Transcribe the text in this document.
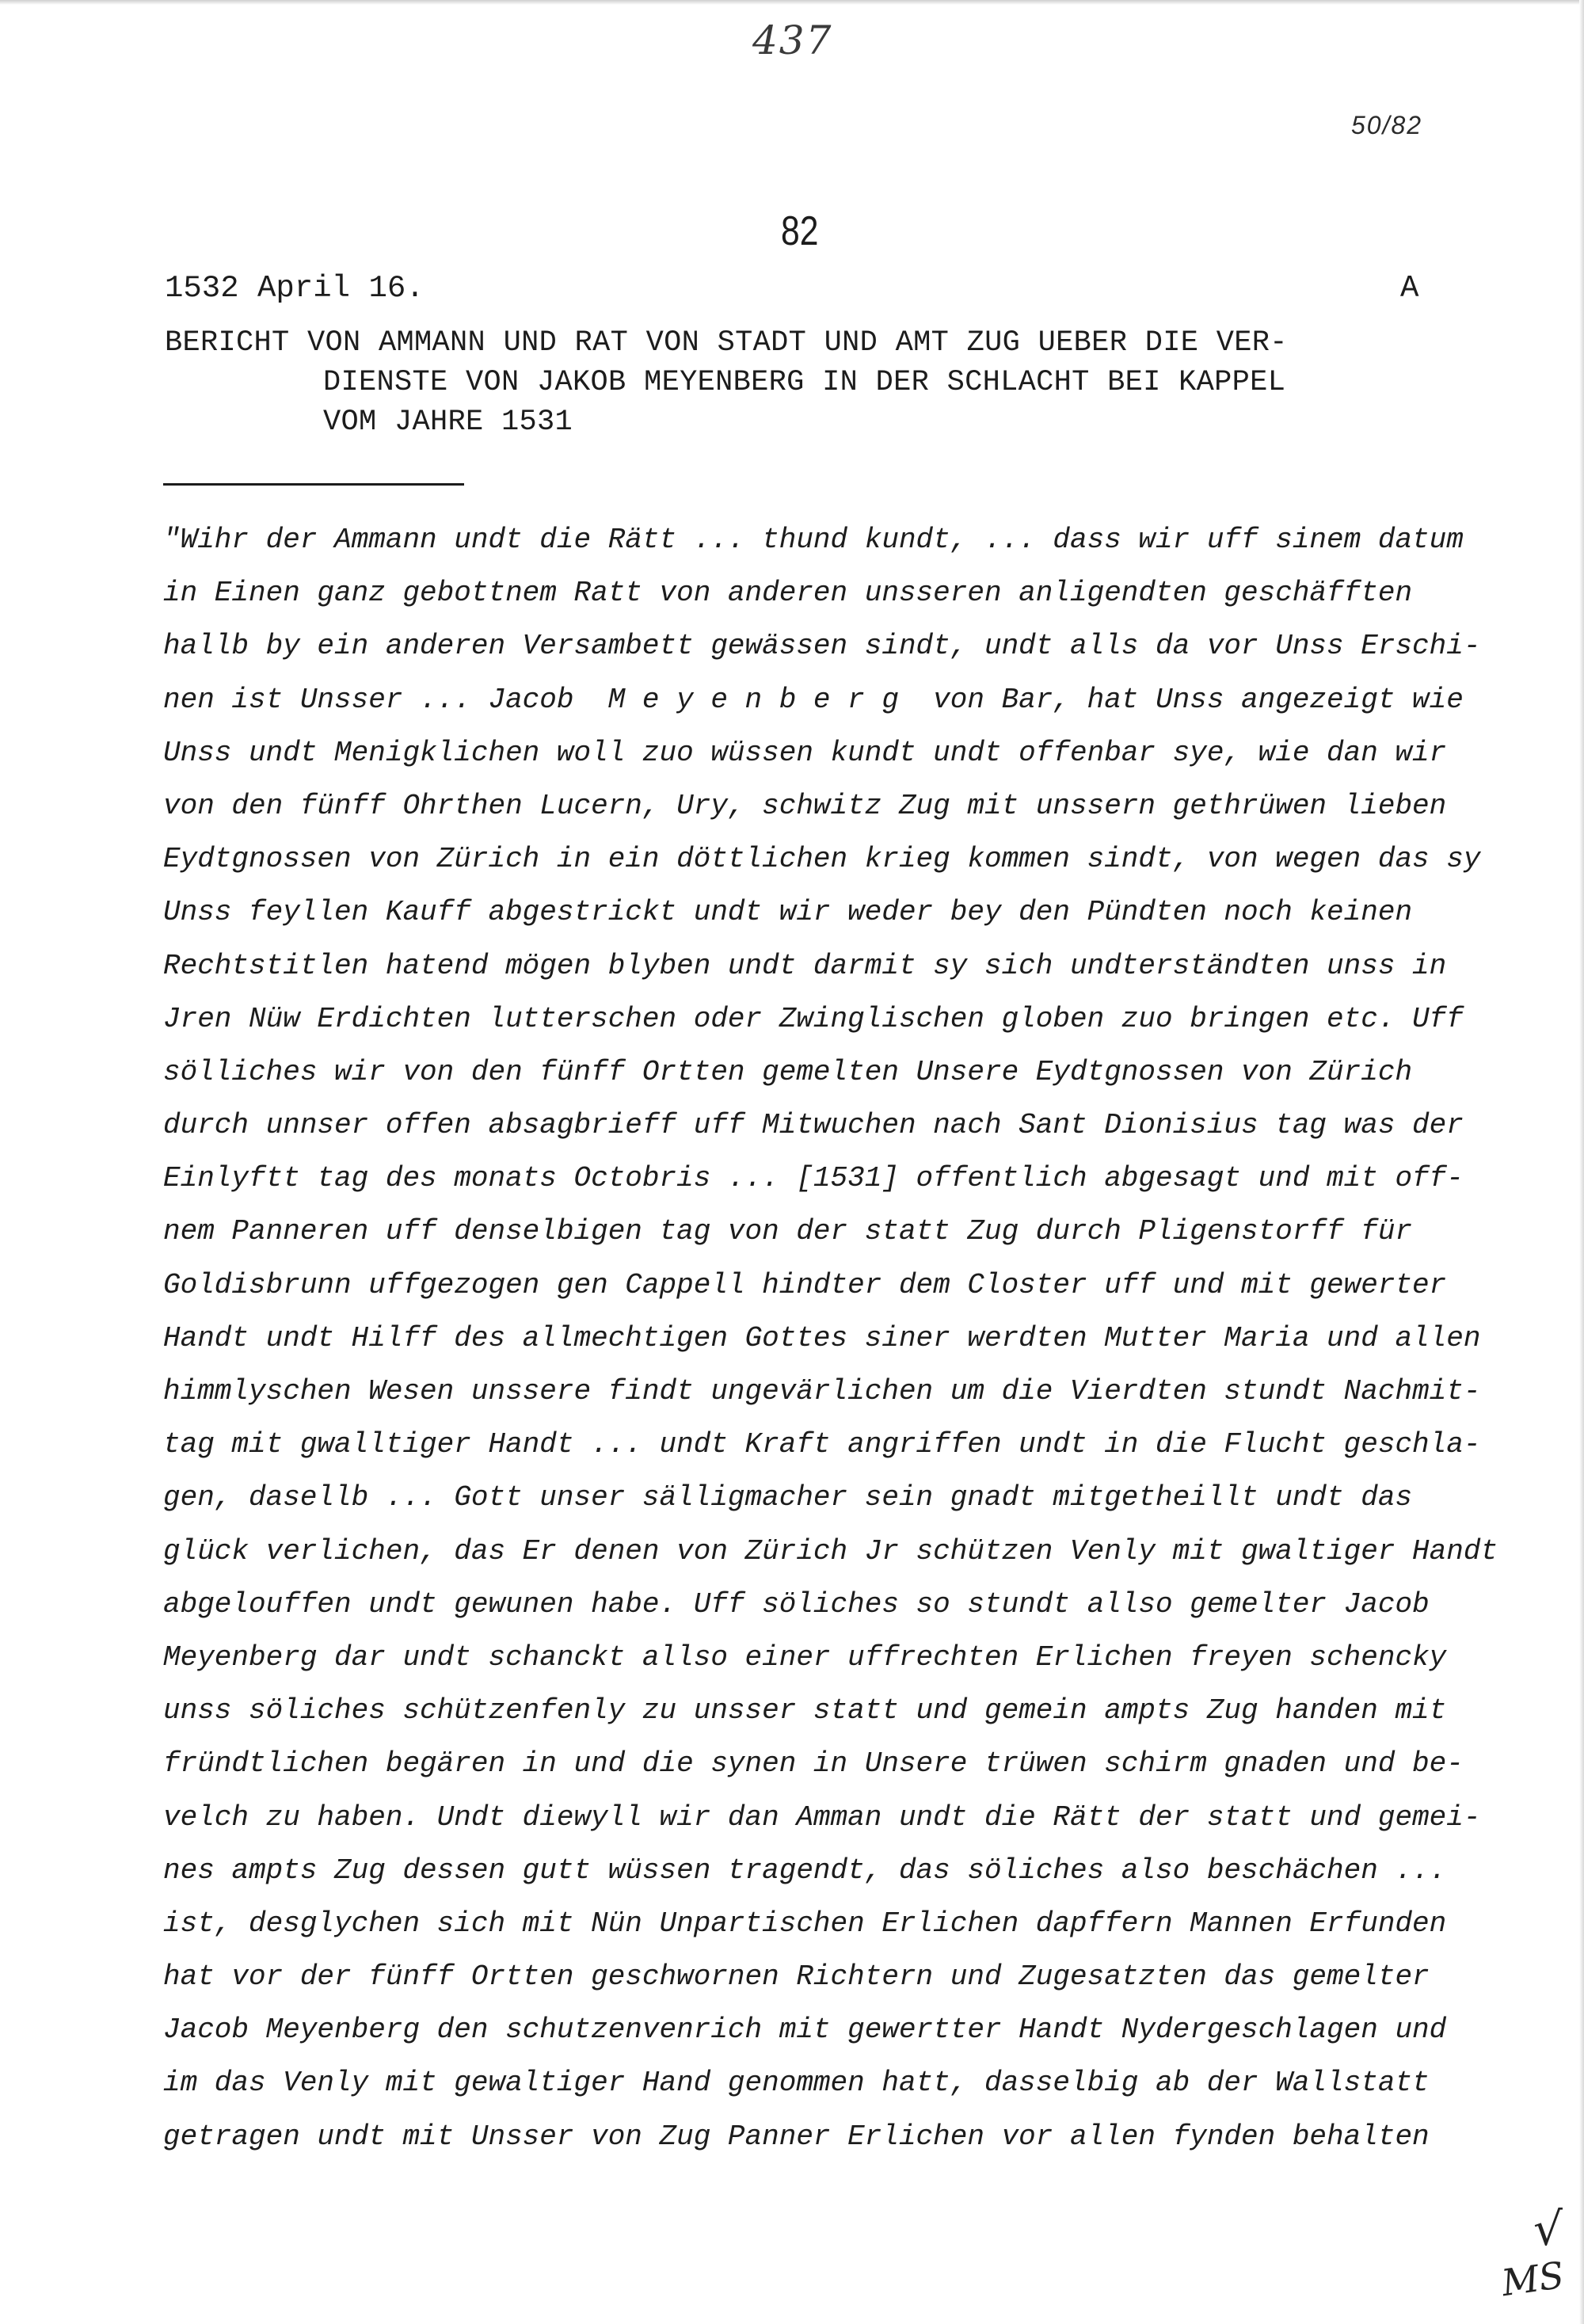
437
50/82
82
1532 April 16.	A
BERICHT VON AMMANN UND RAT VON STADT UND AMT ZUG UEBER DIE VER-
DIENSTE VON JAKOB MEYENBERG IN DER SCHLACHT BEI KAPPEL
VOM JAHRE 1531
"Wihr der Ammann undt die Rätt ... thund kundt, ... dass wir uff sinem datum
in Einen ganz gebottnem Ratt von anderen unsseren anligendten geschäfften
hallb by ein anderen Versambett gewässen sindt, undt alls da vor Unss Erschi-
nen ist Unsser ... Jacob  M e y e n b e r g  von Bar, hat Unss angezeigt wie
Unss undt Menigklichen woll zuo wüssen kundt undt offenbar sye, wie dan wir
von den fünff Ohrthen Lucern, Ury, schwitz Zug mit unssern gethrüwen lieben
Eydtgnossen von Zürich in ein döttlichen krieg kommen sindt, von wegen das sy
Unss feyllen Kauff abgestrickt undt wir weder bey den Pündten noch keinen
Rechtstitlen hatend mögen blyben undt darmit sy sich undterständten unss in
Jren Nüw Erdichten lutterschen oder Zwinglischen globen zuo bringen etc. Uff
sölliches wir von den fünff Ortten gemelten Unsere Eydtgnossen von Zürich
durch unnser offen absagbrieff uff Mitwuchen nach Sant Dionisius tag was der
Einlyftt tag des monats Octobris ... [1531] offentlich abgesagt und mit off-
nem Panneren uff denselbigen tag von der statt Zug durch Pligenstorff für
Goldisbrunn uffgezogen gen Cappell hindter dem Closter uff und mit gewerter
Handt undt Hilff des allmechtigen Gottes siner werdten Mutter Maria und allen
himmlyschen Wesen unssere findt ungevärlichen um die Vierdten stundt Nachmit-
tag mit gwalltiger Handt ... undt Kraft angriffen undt in die Flucht geschla-
gen, dasellb ... Gott unser sälligmacher sein gnadt mitgetheillt undt das
glück verlichen, das Er denen von Zürich Jr schützen Venly mit gwaltiger Handt
abgelouffen undt gewunen habe. Uff söliches so stundt allso gemelter Jacob
Meyenberg dar undt schanckt allso einer uffrechten Erlichen freyen schencky
unss söliches schützenfenly zu unsser statt und gemein ampts Zug handen mit
fründtlichen begären in und die synen in Unsere trüwen schirm gnaden und be-
velch zu haben. Undt diewyll wir dan Amman undt die Rätt der statt und gemei-
nes ampts Zug dessen gutt wüssen tragendt, das söliches also beschächen ...
ist, desglychen sich mit Nün Unpartischen Erlichen dapffern Mannen Erfunden
hat vor der fünff Ortten geschwornen Richtern und Zugesatzten das gemelter
Jacob Meyenberg den schutzenvenrich mit gewertter Handt Nydergeschlagen und
im das Venly mit gewaltiger Hand genommen hatt, dasselbig ab der Wallstatt
getragen undt mit Unsser von Zug Panner Erlichen vor allen fynden behalten
√
MS
